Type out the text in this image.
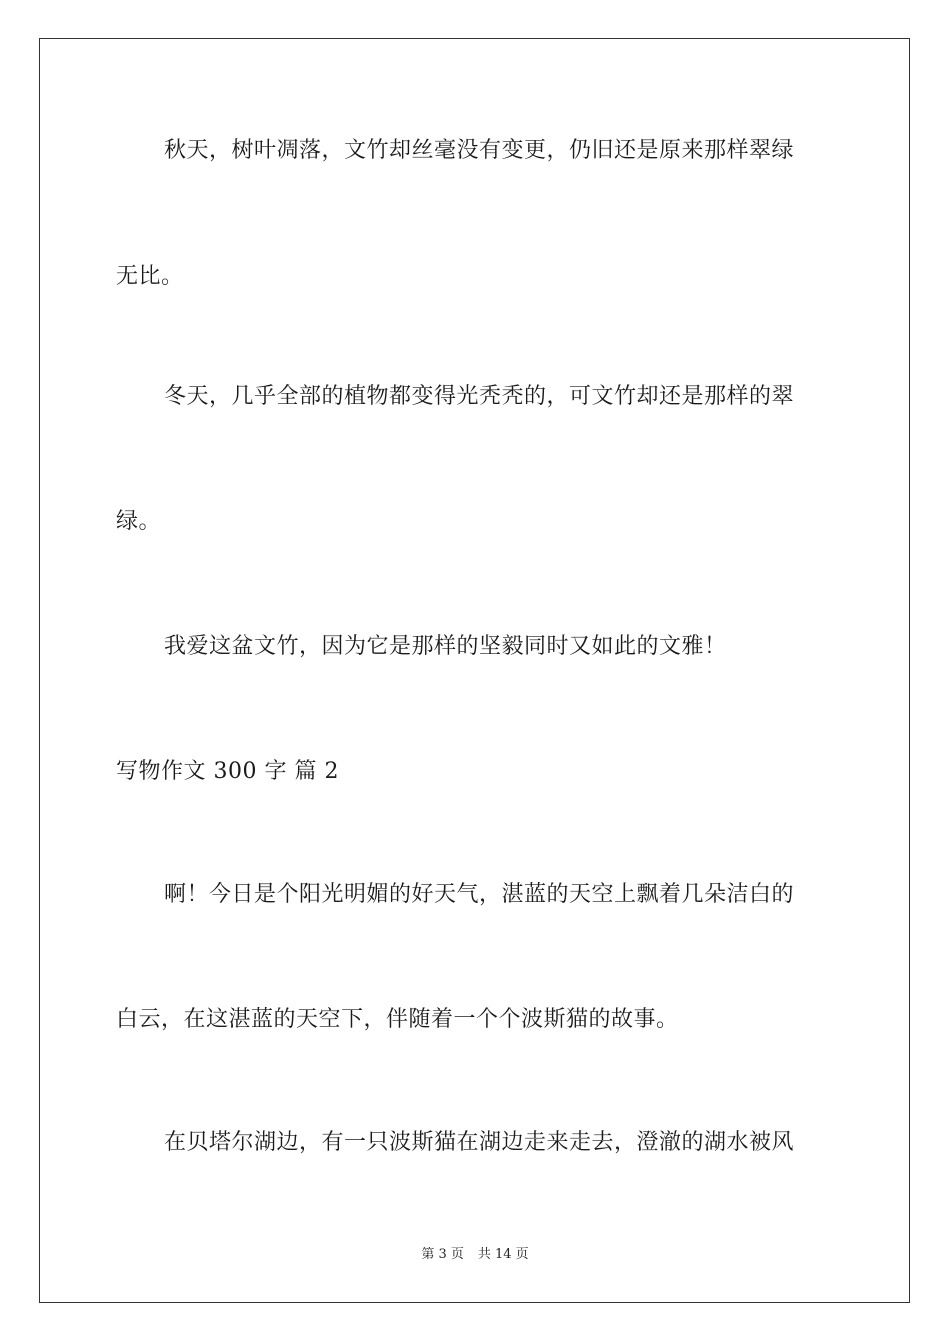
秋天，树叶凋落，文竹却丝毫没有变更，仍旧还是原来那样翠绿
无比。
冬天，几乎全部的植物都变得光秃秃的，可文竹却还是那样的翠
绿。
我爱这盆文竹，因为它是那样的坚毅同时又如此的文雅！
写物作文 300 字 篇 2
啊！今日是个阳光明媚的好天气，湛蓝的天空上飘着几朵洁白的
白云，在这湛蓝的天空下，伴随着一个个波斯猫的故事。
在贝塔尔湖边，有一只波斯猫在湖边走来走去，澄澈的湖水被风
第 3 页 共 14 页
